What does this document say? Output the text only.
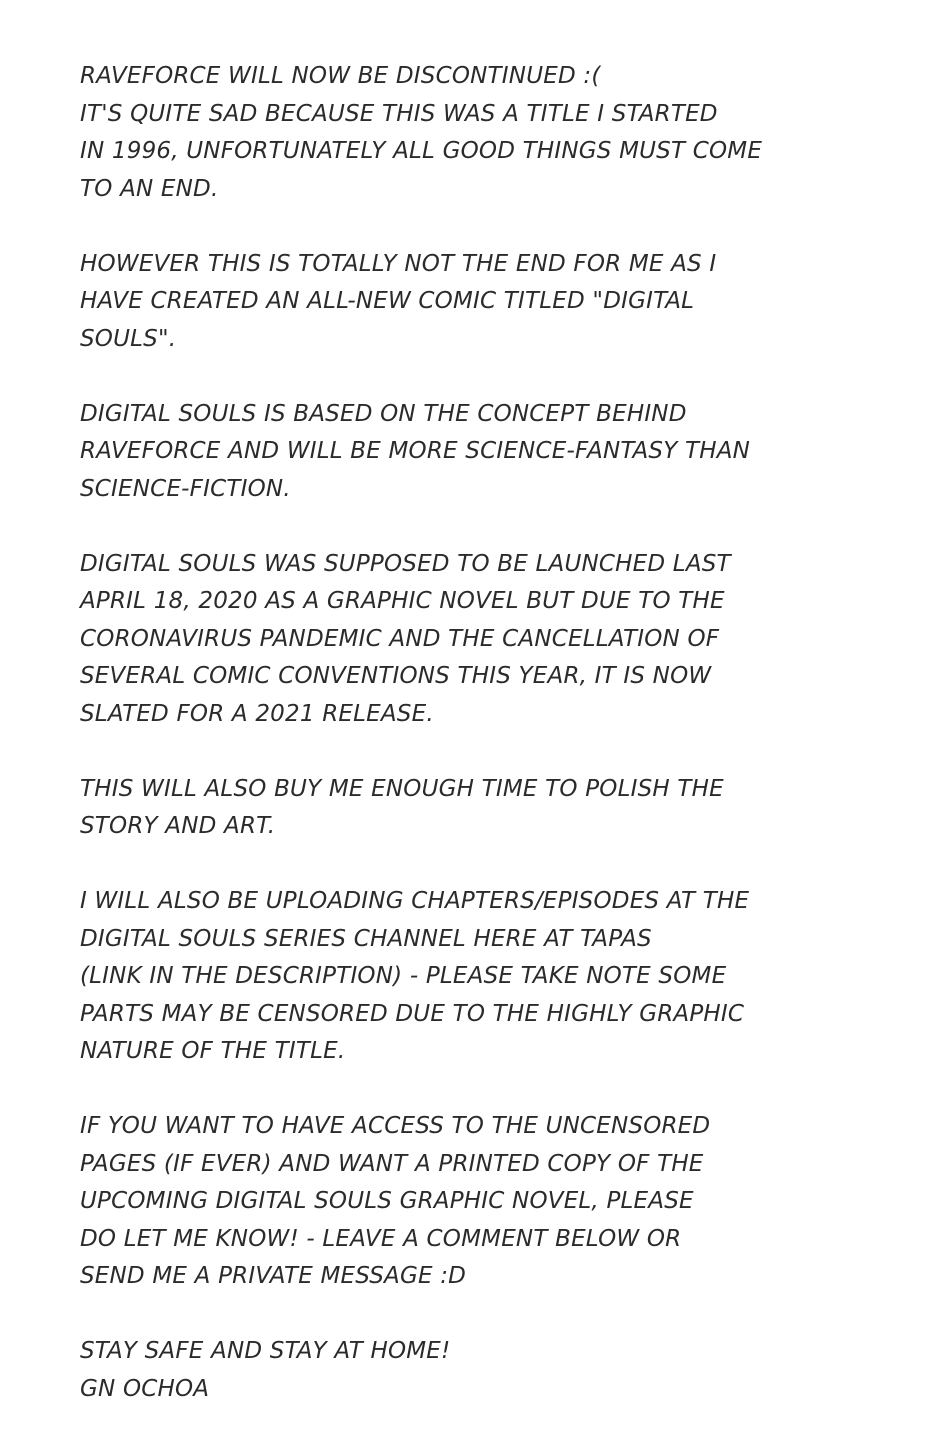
RAVEFORCE WILL NOW BE DISCONTINUED :(
IT'S QUITE SAD BECAUSE THIS WAS A TITLE I STARTED
IN 1996, UNFORTUNATELY ALL GOOD THINGS MUST COME
TO AN END.
HOWEVER THIS IS TOTALLY NOT THE END FOR ME AS I
HAVE CREATED AN ALL-NEW COMIC TITLED "DIGITAL
SOULS".
DIGITAL SOULS IS BASED ON THE CONCEPT BEHIND
RAVEFORCE AND WILL BE MORE SCIENCE-FANTASY THAN
SCIENCE-FICTION.
DIGITAL SOULS WAS SUPPOSED TO BE LAUNCHED LAST
APRIL 18, 2020 AS A GRAPHIC NOVEL BUT DUE TO THE
CORONAVIRUS PANDEMIC AND THE CANCELLATION OF
SEVERAL COMIC CONVENTIONS THIS YEAR, IT IS NOW
SLATED FOR A 2021 RELEASE.
THIS WILL ALSO BUY ME ENOUGH TIME TO POLISH THE
STORY AND ART.
I WILL ALSO BE UPLOADING CHAPTERS/EPISODES AT THE
DIGITAL SOULS SERIES CHANNEL HERE AT TAPAS
(LINK IN THE DESCRIPTION) - PLEASE TAKE NOTE SOME
PARTS MAY BE CENSORED DUE TO THE HIGHLY GRAPHIC
NATURE OF THE TITLE.
IF YOU WANT TO HAVE ACCESS TO THE UNCENSORED
PAGES (IF EVER) AND WANT A PRINTED COPY OF THE
UPCOMING DIGITAL SOULS GRAPHIC NOVEL, PLEASE
DO LET ME KNOW! - LEAVE A COMMENT BELOW OR
SEND ME A PRIVATE MESSAGE :D
STAY SAFE AND STAY AT HOME!
GN OCHOA
